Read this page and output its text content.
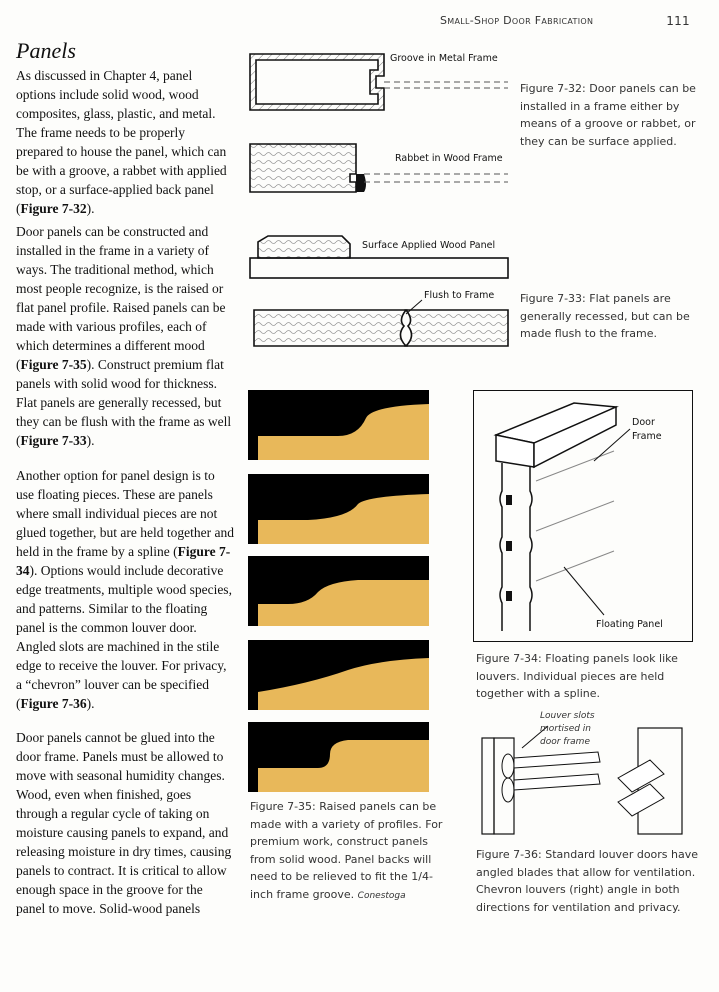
Small-Shop Door Fabrication	111
Panels

As discussed in Chapter 4, panel options include solid wood, wood composites, glass, plastic, and metal. The frame needs to be properly prepared to house the panel, which can be with a groove, a rabbet with applied stop, or a surface-applied back panel (Figure 7-32).

Door panels can be constructed and installed in the frame in a variety of ways. The traditional method, which most people recognize, is the raised or flat panel profile. Raised panels can be made with various profiles, each of which determines a different mood (Figure 7-35). Construct premium flat panels with solid wood for thickness. Flat panels are generally recessed, but they can be flush with the frame as well (Figure 7-33).

Another option for panel design is to use floating pieces. These are panels where small individual pieces are not glued together, but are held together and held in the frame by a spline (Figure 7-34). Options would include decorative edge treatments, multiple wood species, and patterns. Similar to the floating panel is the common louver door. Angled slots are machined in the stile edge to receive the louver. For privacy, a “chevron” louver can be specified (Figure 7-36).

Door panels cannot be glued into the door frame. Panels must be allowed to move with seasonal humidity changes. Wood, even when finished, goes through a regular cycle of taking on moisture causing panels to expand, and releasing moisture in dry times, causing panels to contract. It is critical to allow enough space in the groove for the panel to move. Solid-wood panels

Groove in Metal Frame
Rabbet in Wood Frame
Surface Applied Wood Panel

Figure 7-32: Door panels can be installed in a frame either by means of a groove or rabbet, or they can be surface applied.

Flush to Frame Figure 7-33: Flat panels are generally recessed, but can be made flush to the frame.

Figure 7-35: Raised panels can be made with a variety of profiles. For premium work, construct panels from solid wood. Panel backs will need to be relieved to fit the 1/4-inch frame groove. Conestoga

Door
Frame
Floating Panel

Figure 7-34: Floating panels look like louvers. Individual pieces are held together with a spline.

Louver slots mortised in door frame

Figure 7-36: Standard louver doors have angled blades that allow for ventilation. Chevron louvers (right) angle in both directions for ventilation and privacy.
